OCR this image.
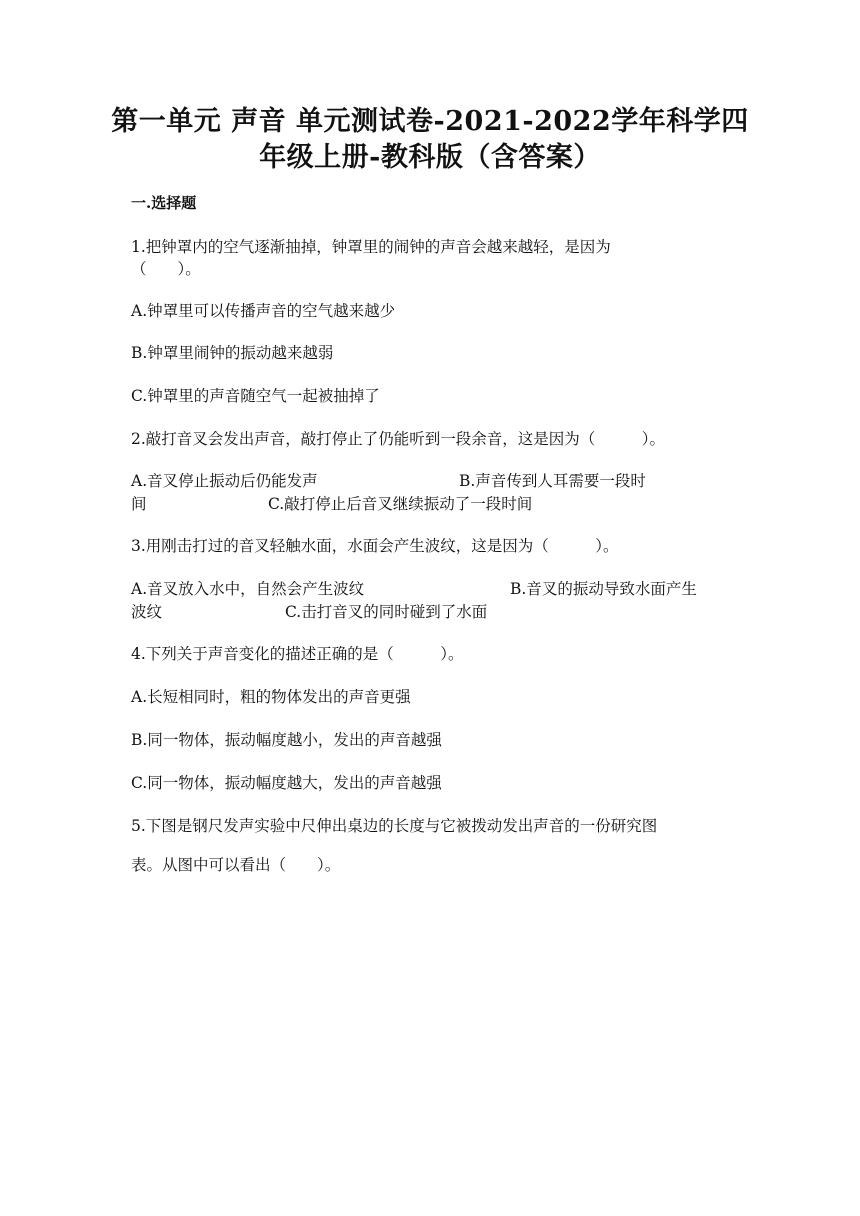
第一单元 声音 单元测试卷-2021-2022学年科学四
年级上册-教科版（含答案）
一.选择题
1.把钟罩内的空气逐渐抽掉，钟罩里的闹钟的声音会越来越轻，是因为
（　　）。
A.钟罩里可以传播声音的空气越来越少
B.钟罩里闹钟的振动越来越弱
C.钟罩里的声音随空气一起被抽掉了
2.敲打音叉会发出声音，敲打停止了仍能听到一段余音，这是因为（　　　）。
A.音叉停止振动后仍能发声	B.声音传到人耳需要一段时
间	C.敲打停止后音叉继续振动了一段时间
3.用刚击打过的音叉轻触水面，水面会产生波纹，这是因为（　　　）。
A.音叉放入水中，自然会产生波纹	B.音叉的振动导致水面产生
波纹	C.击打音叉的同时碰到了水面
4.下列关于声音变化的描述正确的是（　　　）。
A.长短相同时，粗的物体发出的声音更强
B.同一物体，振动幅度越小，发出的声音越强
C.同一物体，振动幅度越大，发出的声音越强
5.下图是钢尺发声实验中尺伸出桌边的长度与它被拨动发出声音的一份研究图
表。从图中可以看出（　　）。
